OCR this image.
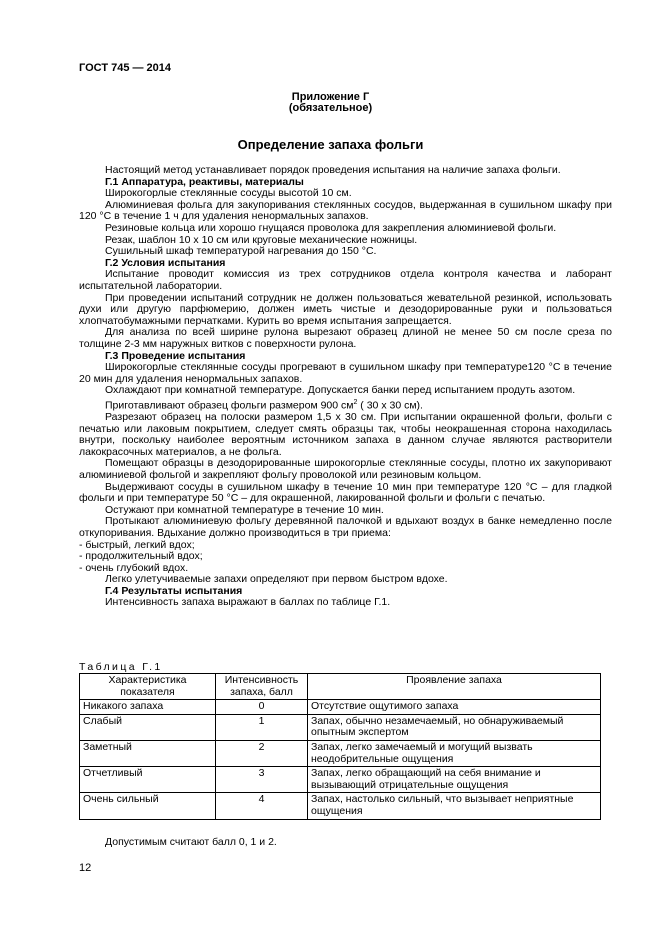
ГОСТ 745 — 2014
Приложение Г
(обязательное)
Определение запаха фольги

Настоящий метод устанавливает порядок проведения испытания на наличие запаха фольги.

Г.1 Аппаратура, реактивы, материалы

Широкогорлые стеклянные сосуды высотой 10 см.

Алюминиевая фольга для закупоривания стеклянных сосудов, выдержанная в сушильном шкафу при 120 °C в течение 1 ч для удаления ненормальных запахов.

Резиновые кольца или хорошо гнущаяся проволока для закрепления алюминиевой фольги.

Резак, шаблон 10 х 10 см или круговые механические ножницы.

Сушильный шкаф температурой нагревания до 150 °C.

Г.2 Условия испытания

Испытание проводит комиссия из трех сотрудников отдела контроля качества и лаборант испытательной лаборатории.

При проведении испытаний сотрудник не должен пользоваться жевательной резинкой, использовать духи или другую парфюмерию, должен иметь чистые и дезодорированные руки и пользоваться хлопчатобумажными перчатками. Курить во время испытания запрещается.

Для анализа по всей ширине рулона вырезают образец длиной не менее 50 см после среза по толщине 2-3 мм наружных витков с поверхности рулона.

Г.3 Проведение испытания

Широкогорлые стеклянные сосуды прогревают в сушильном шкафу при температуре120 °C в течение 20 мин для удаления ненормальных запахов.

Охлаждают при комнатной температуре. Допускается банки перед испытанием продуть азотом.

Приготавливают образец фольги размером 900 $см^2$ ( 30 х 30 см).

Разрезают образец на полоски размером 1,5 х 30 см. При испытании окрашенной фольги, фольги с печатью или лаковым покрытием, следует смять образцы так, чтобы неокрашенная сторона находилась внутри, поскольку наиболее вероятным источником запаха в данном случае являются растворители лакокрасочных материалов, а не фольга.

Помещают образцы в дезодорированные широкогорлые стеклянные сосуды, плотно их закупоривают алюминиевой фольгой и закрепляют фольгу проволокой или резиновым кольцом.

Выдерживают сосуды в сушильном шкафу в течение 10 мин при температуре 120 °C – для гладкой фольги и при температуре 50 °C – для окрашенной, лакированной фольги и фольги с печатью.

Остужают при комнатной температуре в течение 10 мин.

Протыкают алюминиевую фольгу деревянной палочкой и вдыхают воздух в банке немедленно после откупоривания. Вдыхание должно производиться в три приема:

- быстрый, легкий вдох;

- продолжительный вдох;

- очень глубокий вдох.

Легко улетучиваемые запахи определяют при первом быстром вдохе.

Г.4 Результаты испытания

Интенсивность запаха выражают в баллах по таблице Г.1.

Таблица Г.1
Характеристика показателя	Интенсивность запаха, балл	Проявление запаха
Никакого запаха	0	Отсутствие ощутимого запаха
Слабый	1	Запах, обычно незамечаемый, но обнаруживаемый опытным экспертом
Заметный	2	Запах, легко замечаемый и могущий вызвать неодобрительные ощущения
Отчетливый	3	Запах, легко обращающий на себя внимание и вызывающий отрицательные ощущения
Очень сильный	4	Запах, настолько сильный, что вызывает неприятные ощущения
Допустимым считают балл 0, 1 и 2.
12
